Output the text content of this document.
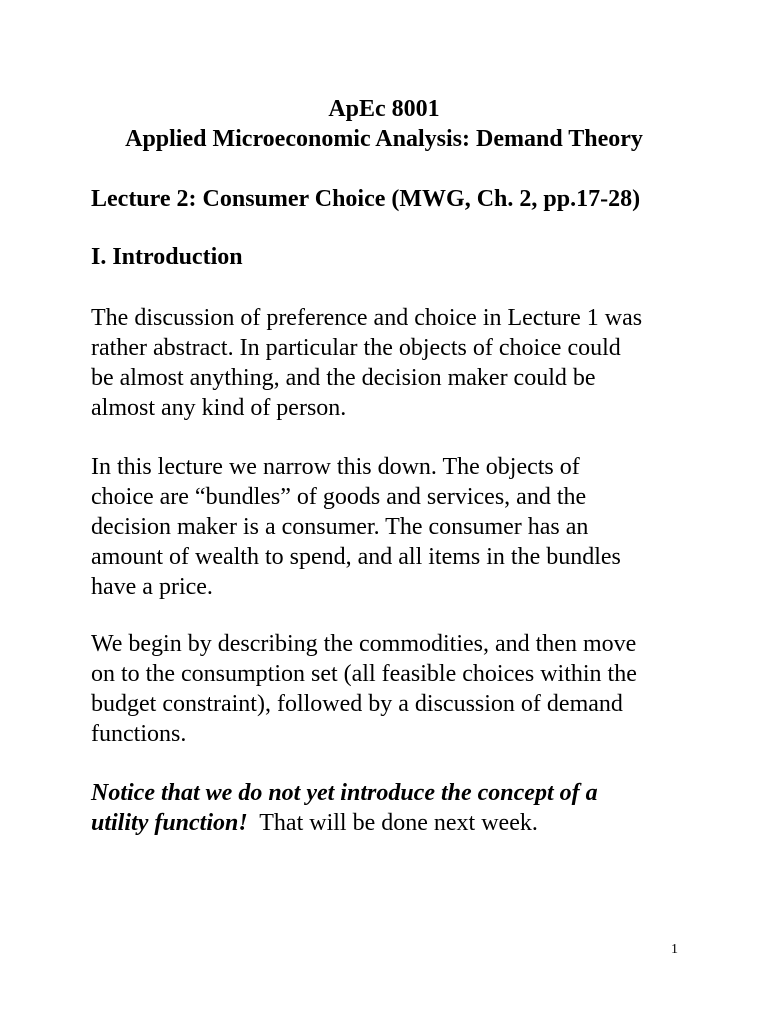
ApEc 8001
Applied Microeconomic Analysis: Demand Theory
Lecture 2: Consumer Choice (MWG, Ch. 2, pp.17-28)
I. Introduction

The discussion of preference and choice in Lecture 1 was
rather abstract. In particular the objects of choice could
be almost anything, and the decision maker could be
almost any kind of person.

In this lecture we narrow this down. The objects of
choice are “bundles” of goods and services, and the
decision maker is a consumer. The consumer has an
amount of wealth to spend, and all items in the bundles
have a price.

We begin by describing the commodities, and then move
on to the consumption set (all feasible choices within the
budget constraint), followed by a discussion of demand
functions.

Notice that we do not yet introduce the concept of a
utility function!  That will be done next week.

1
